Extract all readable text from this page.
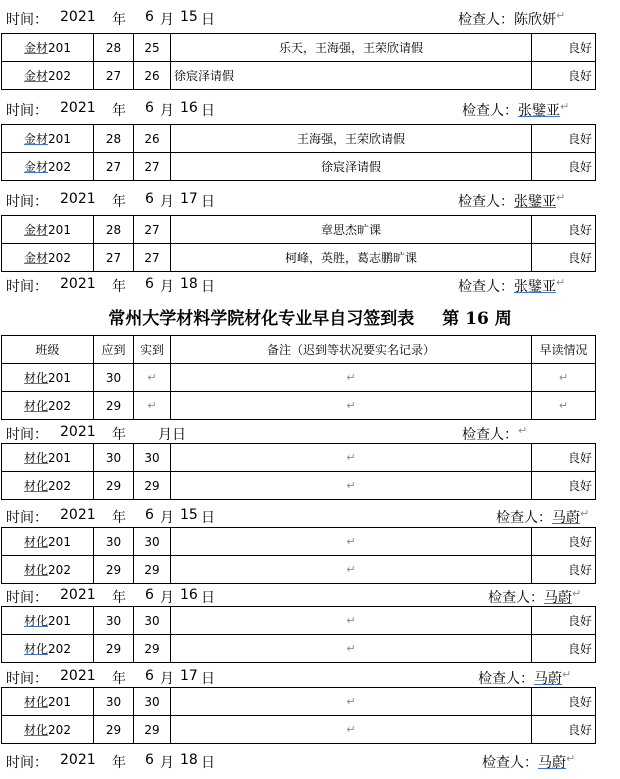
时间： 2021 年 6 月 15 日	检查人： 陈欣妍 ↵
金材201	28	25	乐天，王海强，王荣欣请假	良好
金材202	27	26	徐宸泽请假	良好
时间： 2021 年 6 月 16 日	检查人： 张鐾亚 ↵
金材201	28	26	王海强，王荣欣请假	良好
金材202	27	27	徐宸泽请假	良好
时间： 2021 年 6 月 17 日	检查人： 张鐾亚 ↵
金材201	28	27	章思杰旷课	良好
金材202	27	27	柯峰，英胜，葛志鹏旷课	良好
时间： 2021 年 6 月 18 日	检查人： 张鐾亚 ↵
常州大学材料学院材化专业早自习签到表 第 16 周
班级	应到	实到	备注（迟到等状况要实名记录）	早读情况
材化201	30	↵	↵	↵
材化202	29	↵	↵	↵
时间： 2021 年 月 日	检查人： ↵
材化201	30	30	↵	良好
材化202	29	29	↵	良好
时间： 2021 年 6 月 15 日	检查人： 马蔚 ↵
材化201	30	30	↵	良好
材化202	29	29	↵	良好
时间： 2021 年 6 月 16 日	检查人： 马蔚 ↵
材化201	30	30	↵	良好
材化202	29	29	↵	良好
时间： 2021 年 6 月 17 日	检查人： 马蔚 ↵
材化201	30	30	↵	良好
材化202	29	29	↵	良好
时间： 2021 年 6 月 18 日	检查人： 马蔚 ↵
